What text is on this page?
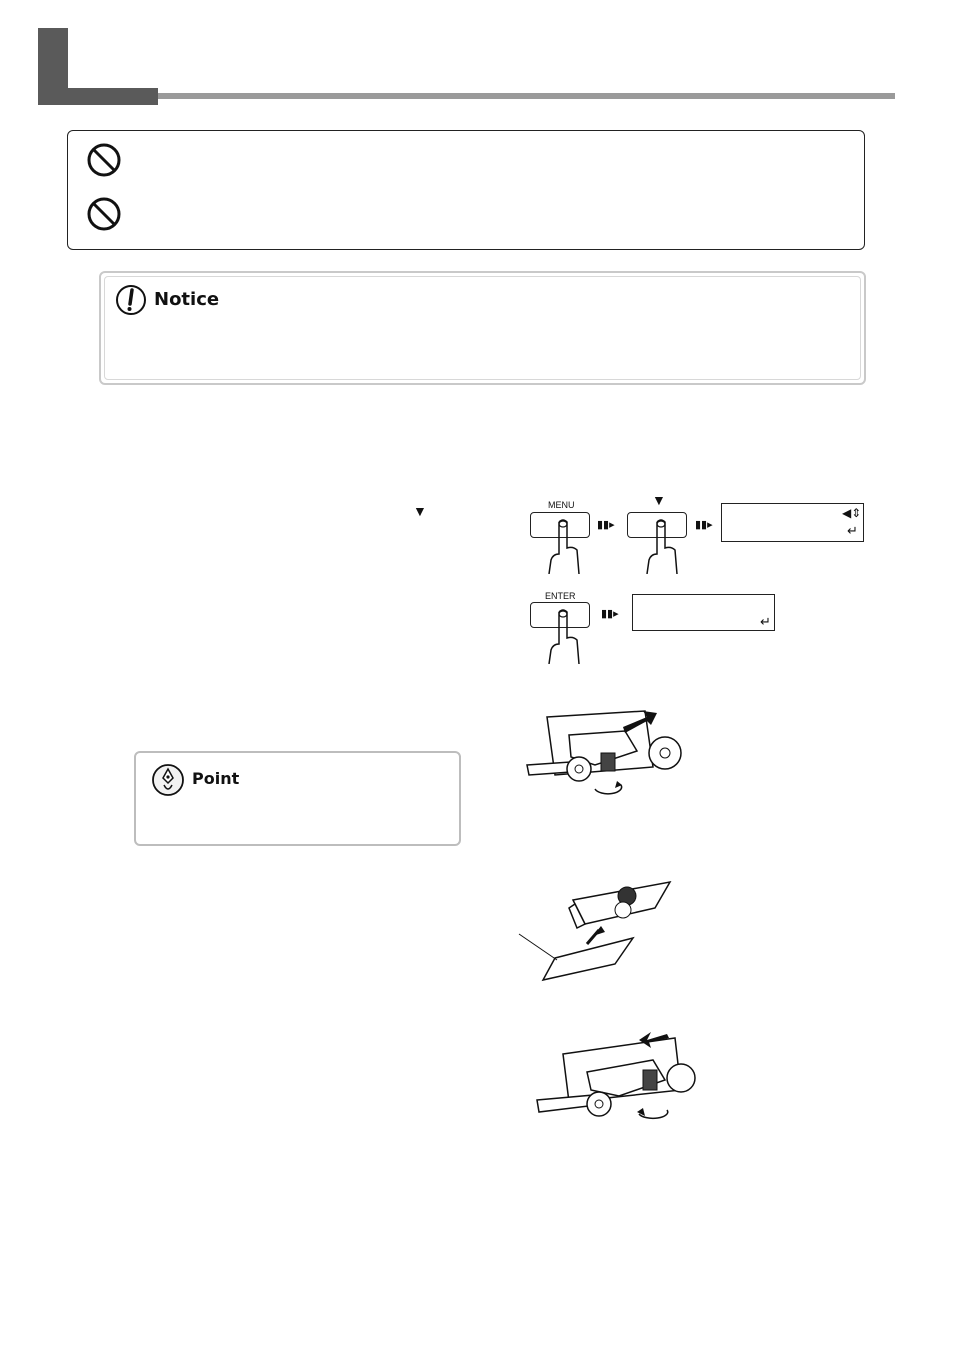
Notice
▼
Point
MENU
▮▮▸
▼
▮▮▸
◀⇕
↵
ENTER
▮▮▸	↵
